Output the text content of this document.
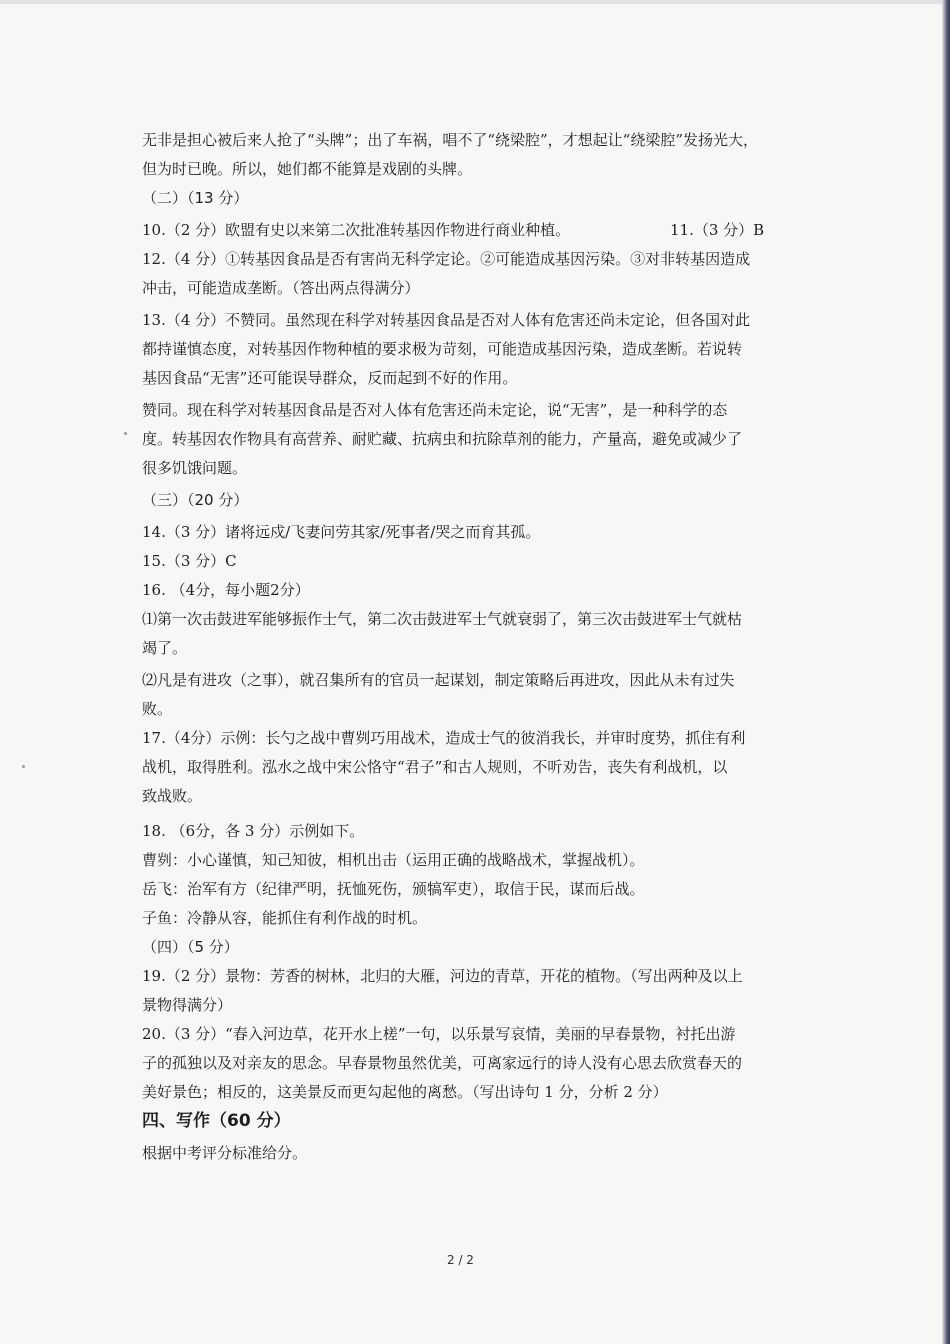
无非是担心被后来人抢了“头牌”；出了车祸，唱不了“绕梁腔”，才想起让“绕梁腔”发扬光大，

但为时已晚。所以，她们都不能算是戏剧的头牌。

（二）（13 分）

10.（2 分）欧盟有史以来第二次批准转基因作物进行商业种植。	11.（3 分）B

12.（4 分）①转基因食品是否有害尚无科学定论。②可能造成基因污染。③对非转基因造成

冲击，可能造成垄断。（答出两点得满分）

13.（4 分）不赞同。虽然现在科学对转基因食品是否对人体有危害还尚未定论，但各国对此

都持谨慎态度，对转基因作物种植的要求极为苛刻，可能造成基因污染，造成垄断。若说转

基因食品“无害”还可能误导群众，反而起到不好的作用。

赞同。现在科学对转基因食品是否对人体有危害还尚未定论，说“无害”，是一种科学的态

度。转基因农作物具有高营养、耐贮藏、抗病虫和抗除草剂的能力，产量高，避免或减少了

很多饥饿问题。

（三）（20 分）

14.（3 分）诸将远戍/飞妻问劳其家/死事者/哭之而育其孤。

15.（3 分）C

16. （4分，每小题2分）

⑴第一次击鼓进军能够振作士气，第二次击鼓进军士气就衰弱了，第三次击鼓进军士气就枯

竭了。

⑵凡是有进攻（之事），就召集所有的官员一起谋划，制定策略后再进攻，因此从未有过失

败。

17.（4分）示例：长勺之战中曹刿巧用战术，造成士气的彼消我长，并审时度势，抓住有利

战机，取得胜利。泓水之战中宋公恪守“君子”和古人规则，不听劝告，丧失有利战机，以

致战败。

18. （6分，各 3 分）示例如下。

曹刿：小心谨慎，知己知彼，相机出击（运用正确的战略战术，掌握战机）。

岳飞：治军有方（纪律严明，抚恤死伤，颁犒军吏），取信于民，谋而后战。

子鱼：冷静从容，能抓住有利作战的时机。

（四）（5 分）

19.（2 分）景物：芳香的树林，北归的大雁，河边的青草，开花的植物。（写出两种及以上

景物得满分）

20.（3 分）“春入河边草，花开水上槎”一句，以乐景写哀情，美丽的早春景物，衬托出游

子的孤独以及对亲友的思念。早春景物虽然优美，可离家远行的诗人没有心思去欣赏春天的

美好景色；相反的，这美景反而更勾起他的离愁。（写出诗句 1 分，分析 2 分）

四、写作（60 分）

根据中考评分标准给分。

2 / 2
